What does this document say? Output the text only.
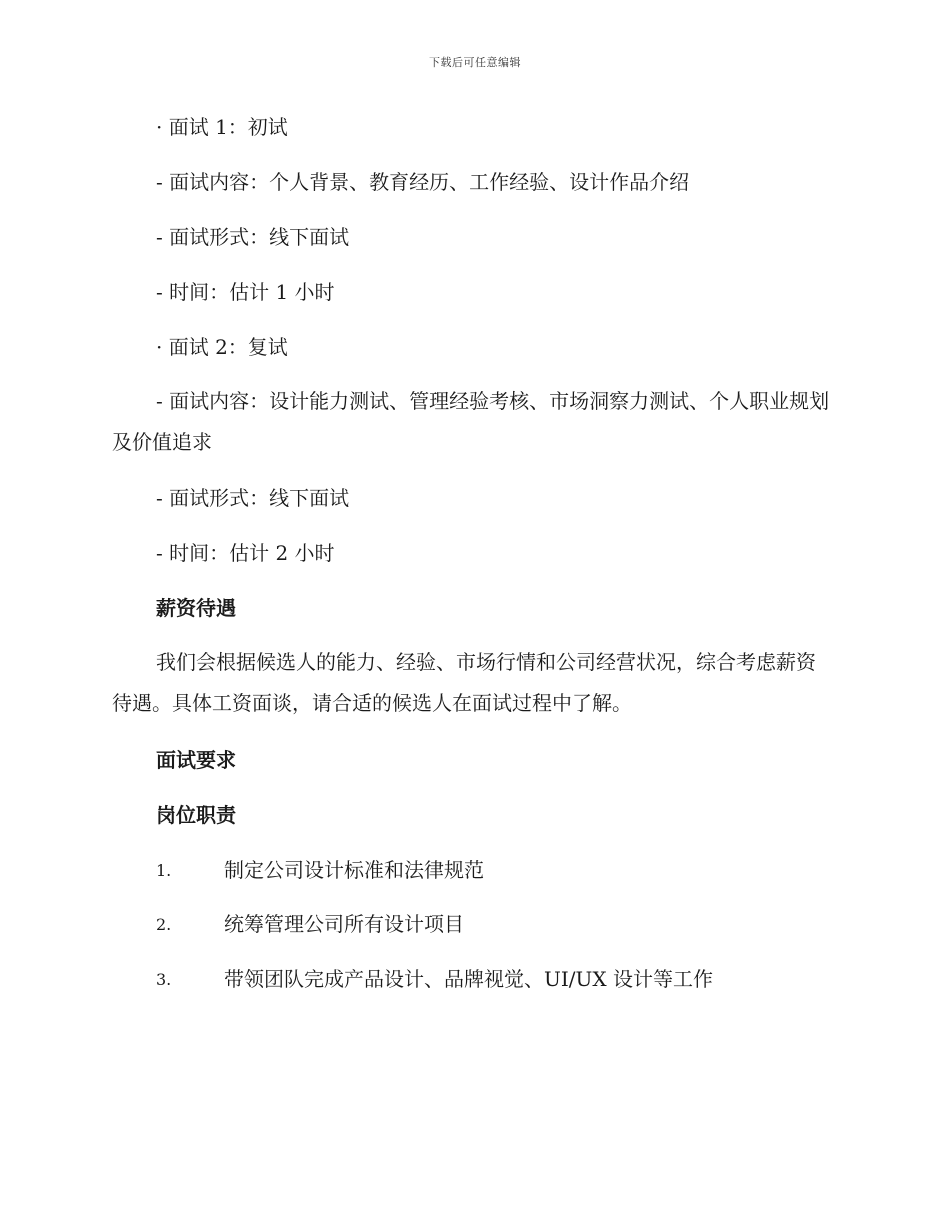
下载后可任意编辑
· 面试 1：初试
- 面试内容：个人背景、教育经历、工作经验、设计作品介绍
- 面试形式：线下面试
- 时间：估计 1 小时
· 面试 2：复试
- 面试内容：设计能力测试、管理经验考核、市场洞察力测试、个人职业规划及价值追求
- 面试形式：线下面试
- 时间：估计 2 小时
薪资待遇
我们会根据候选人的能力、经验、市场行情和公司经营状况，综合考虑薪资待遇。具体工资面谈，请合适的候选人在面试过程中了解。
面试要求
岗位职责
1.	制定公司设计标准和法律规范
2.	统筹管理公司所有设计项目
3.	带领团队完成产品设计、品牌视觉、UI/UX 设计等工作
